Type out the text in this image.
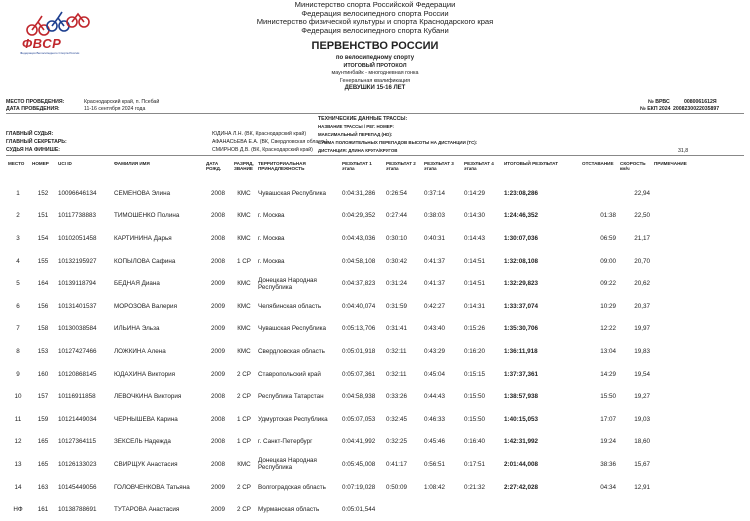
ФВСР
Федерация Велосипедного Спорта России
Министерство спорта Российской Федерации
Федерация велосипедного спорта России
Министерство физической культуры и спорта Краснодарского края
Федерация велосипедного спорта Кубани
ПЕРВЕНСТВО РОССИИ
по велосипедному спорту
ИТОГОВЫЙ ПРОТОКОЛ
маунтинбайк - многодневная гонка
Генеральная квалификация
ДЕВУШКИ 15-16 ЛЕТ
МЕСТО ПРОВЕДЕНИЯ:	Краснодарский край, п. Псебай
ДАТА ПРОВЕДЕНИЯ:	11-16 сентября 2024 года
№ ВРВС	0080061612Я
№ ЕКП 2024 2008230022035897
ТЕХНИЧЕСКИЕ ДАННЫЕ ТРАССЫ:
НАЗВАНИЕ ТРАССЫ / РЕГ. НОМЕР:
МАКСИМАЛЬНЫЙ ПЕРЕПАД (НD):
СУММА ПОЛОЖИТЕЛЬНЫХ ПЕРЕПАДОВ ВЫСОТЫ НА ДИСТАНЦИИ (ТС):
ДИСТАНЦИЯ: ДЛИНА КРУГА/КРУГОВ	31,8
ГЛАВНЫЙ СУДЬЯ:	ЮДИНА Л.Н. (ВК, Краснодарский край)
ГЛАВНЫЙ СЕКРЕТАРЬ:	АФАНАСЬЕВА Е.А. (ВК, Свердловская область)
СУДЬЯ НА ФИНИШЕ:	СМИРНОВ Д.В. (ВК, Краснодарский край)
МЕСТО	НОМЕР	UCI ID	ФАМИЛИЯ ИМЯ	ДАТА РОЖД.	РАЗРЯД, ЗВАНИЕ	ТЕРРИТОРИАЛЬНАЯ ПРИНАДЛЕЖНОСТЬ	РЕЗУЛЬТАТ 1 этапа	РЕЗУЛЬТАТ 2 этапа	РЕЗУЛЬТАТ 3 этапа	РЕЗУЛЬТАТ 4 этапа	ИТОГОВЫЙ РЕЗУЛЬТАТ	ОТСТАВАНИЕ	СКОРОСТЬ км/ч	ПРИМЕЧАНИЕ
1	152	10096646134	СЕМЕНОВА Элина	2008	КМС	Чувашская Республика	0:04:31,286	0:26:54	0:37:14	0:14:29	1:23:08,286		22,94	
2	151	10117738883	ТИМОШЕНКО Полина	2008	КМС	г. Москва	0:04:29,352	0:27:44	0:38:03	0:14:30	1:24:46,352	01:38	22,50	
3	154	10102051458	КАРТИНИНА Дарья	2008	КМС	г. Москва	0:04:43,036	0:30:10	0:40:31	0:14:43	1:30:07,036	06:59	21,17	
4	155	10132195927	КОПЫЛОВА Сафина	2008	1 СР	г. Москва	0:04:58,108	0:30:42	0:41:37	0:14:51	1:32:08,108	09:00	20,70	
5	164	10139118794	БЕДНАЯ Диана	2009	КМС	Донецкая Народная Республика	0:04:37,823	0:31:24	0:41:37	0:14:51	1:32:29,823	09:22	20,62	
6	156	10131401537	МОРОЗОВА Валерия	2009	КМС	Челябинская область	0:04:40,074	0:31:59	0:42:27	0:14:31	1:33:37,074	10:29	20,37	
7	158	10130038584	ИЛЬИНА Эльза	2009	КМС	Чувашская Республика	0:05:13,706	0:31:41	0:43:40	0:15:26	1:35:30,706	12:22	19,97	
8	153	10127427466	ЛОЖКИНА Алена	2009	КМС	Свердловская область	0:05:01,918	0:32:11	0:43:29	0:16:20	1:36:11,918	13:04	19,83	
9	160	10120868145	ЮДАХИНА Виктория	2009	2 СР	Ставропольский край	0:05:07,361	0:32:11	0:45:04	0:15:15	1:37:37,361	14:29	19,54	
10	157	10116911858	ЛЕВОЧКИНА Виктория	2008	2 СР	Республика Татарстан	0:04:58,938	0:33:26	0:44:43	0:15:50	1:38:57,938	15:50	19,27	
11	159	10121449034	ЧЕРНЫШЕВА Карина	2008	1 СР	Удмуртская Республика	0:05:07,053	0:32:45	0:46:33	0:15:50	1:40:15,053	17:07	19,03	
12	165	10127364115	ЗЕКСЕЛЬ Надежда	2008	1 СР	г. Санкт-Петербург	0:04:41,992	0:32:25	0:45:46	0:16:40	1:42:31,992	19:24	18,60	
13	165	10126133023	СВИРЩУК Анастасия	2008	КМС	Донецкая Народная Республика	0:05:45,008	0:41:17	0:56:51	0:17:51	2:01:44,008	38:36	15,67	
14	163	10145449056	ГОЛОВЧЕНКОВА Татьяна	2009	2 СР	Волгоградская область	0:07:19,028	0:50:09	1:08:42	0:21:32	2:27:42,028	04:34	12,91	
НФ	161	10138788691	ТУТАРОВА Анастасия	2009	2 СР	Мурманская область	0:05:01,544							
